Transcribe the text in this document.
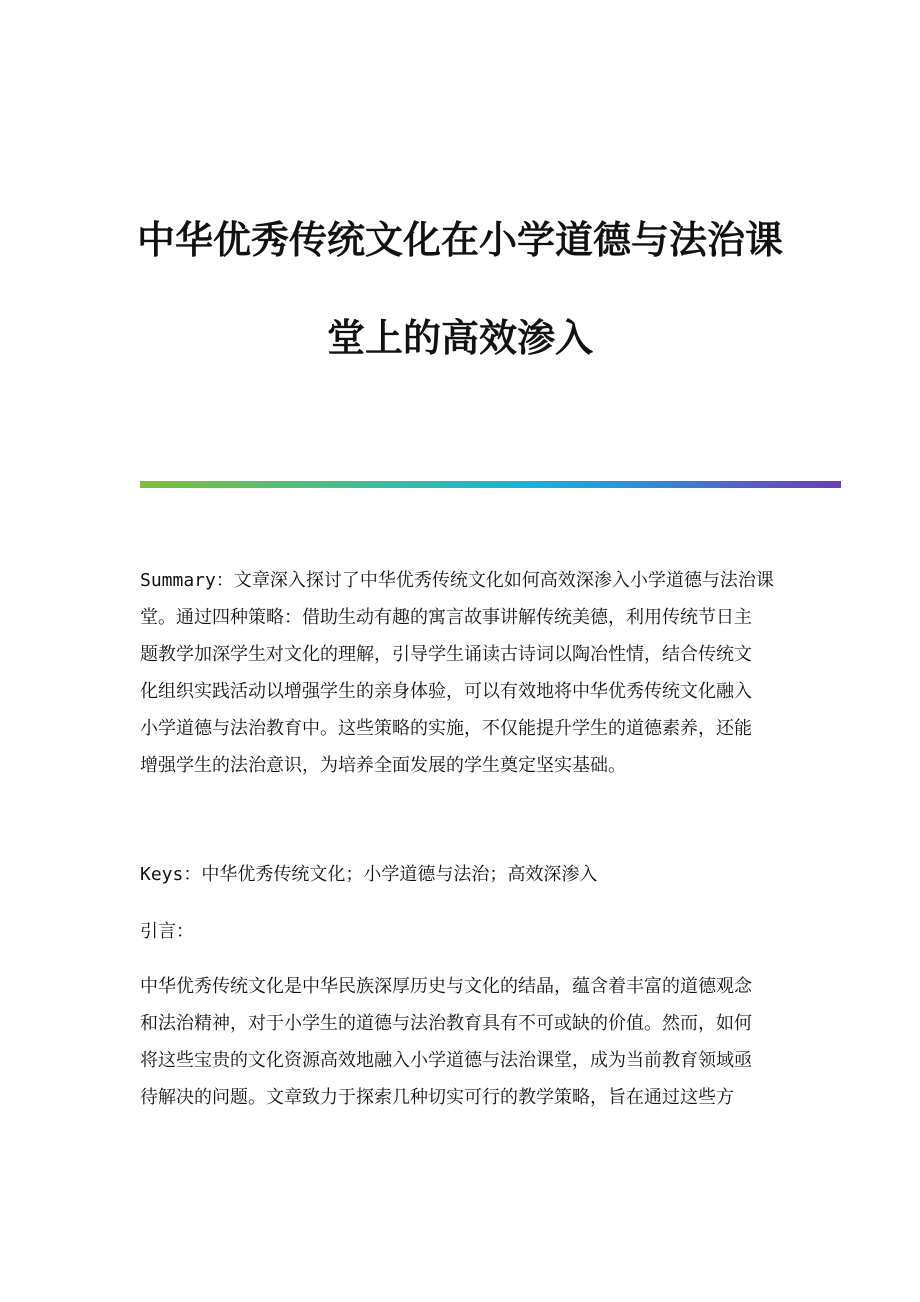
中华优秀传统文化在小学道德与法治课
堂上的高效渗入

Summary：文章深入探讨了中华优秀传统文化如何高效深渗入小学道德与法治课
堂。通过四种策略：借助生动有趣的寓言故事讲解传统美德，利用传统节日主
题教学加深学生对文化的理解，引导学生诵读古诗词以陶冶性情，结合传统文
化组织实践活动以增强学生的亲身体验，可以有效地将中华优秀传统文化融入
小学道德与法治教育中。这些策略的实施，不仅能提升学生的道德素养，还能
增强学生的法治意识，为培养全面发展的学生奠定坚实基础。

Keys：中华优秀传统文化；小学道德与法治；高效深渗入

引言：

中华优秀传统文化是中华民族深厚历史与文化的结晶，蕴含着丰富的道德观念
和法治精神，对于小学生的道德与法治教育具有不可或缺的价值。然而，如何
将这些宝贵的文化资源高效地融入小学道德与法治课堂，成为当前教育领域亟
待解决的问题。文章致力于探索几种切实可行的教学策略，旨在通过这些方
